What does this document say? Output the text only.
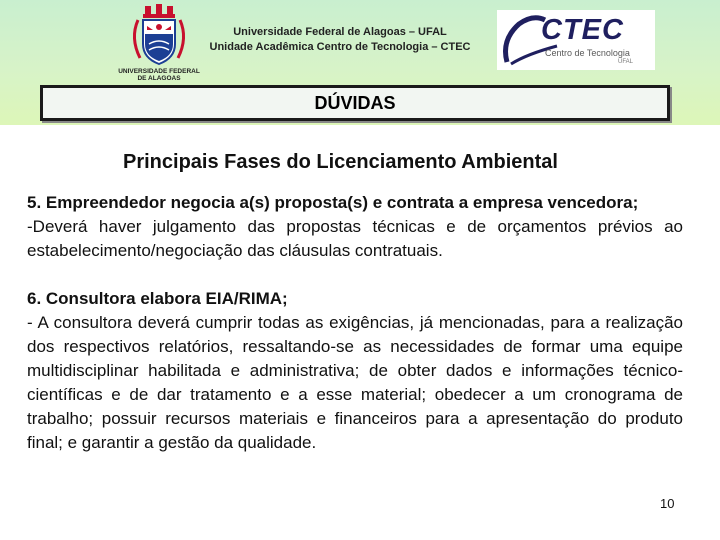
UNIVERSIDADE FEDERAL DE ALAGOAS
Universidade Federal de Alagoas – UFAL
Unidade Acadêmica Centro de Tecnologia – CTEC
CTEC
Centro de Tecnologia
UFAL
DÚVIDAS
Principais Fases do Licenciamento Ambiental

5. Empreendedor negocia a(s) proposta(s) e contrata a empresa vencedora;

-Deverá haver julgamento das propostas técnicas e de orçamentos prévios ao estabelecimento/negociação das cláusulas contratuais.

6. Consultora elabora EIA/RIMA;

- A consultora deverá cumprir todas as exigências, já mencionadas, para a realização dos respectivos relatórios, ressaltando-se as necessidades de formar uma equipe multidisciplinar habilitada e administrativa; de obter dados e informações técnico-científicas e de dar tratamento e a esse material; obedecer a um cronograma de trabalho; possuir recursos materiais e financeiros para a apresentação do produto final; e garantir a gestão da qualidade.

10
